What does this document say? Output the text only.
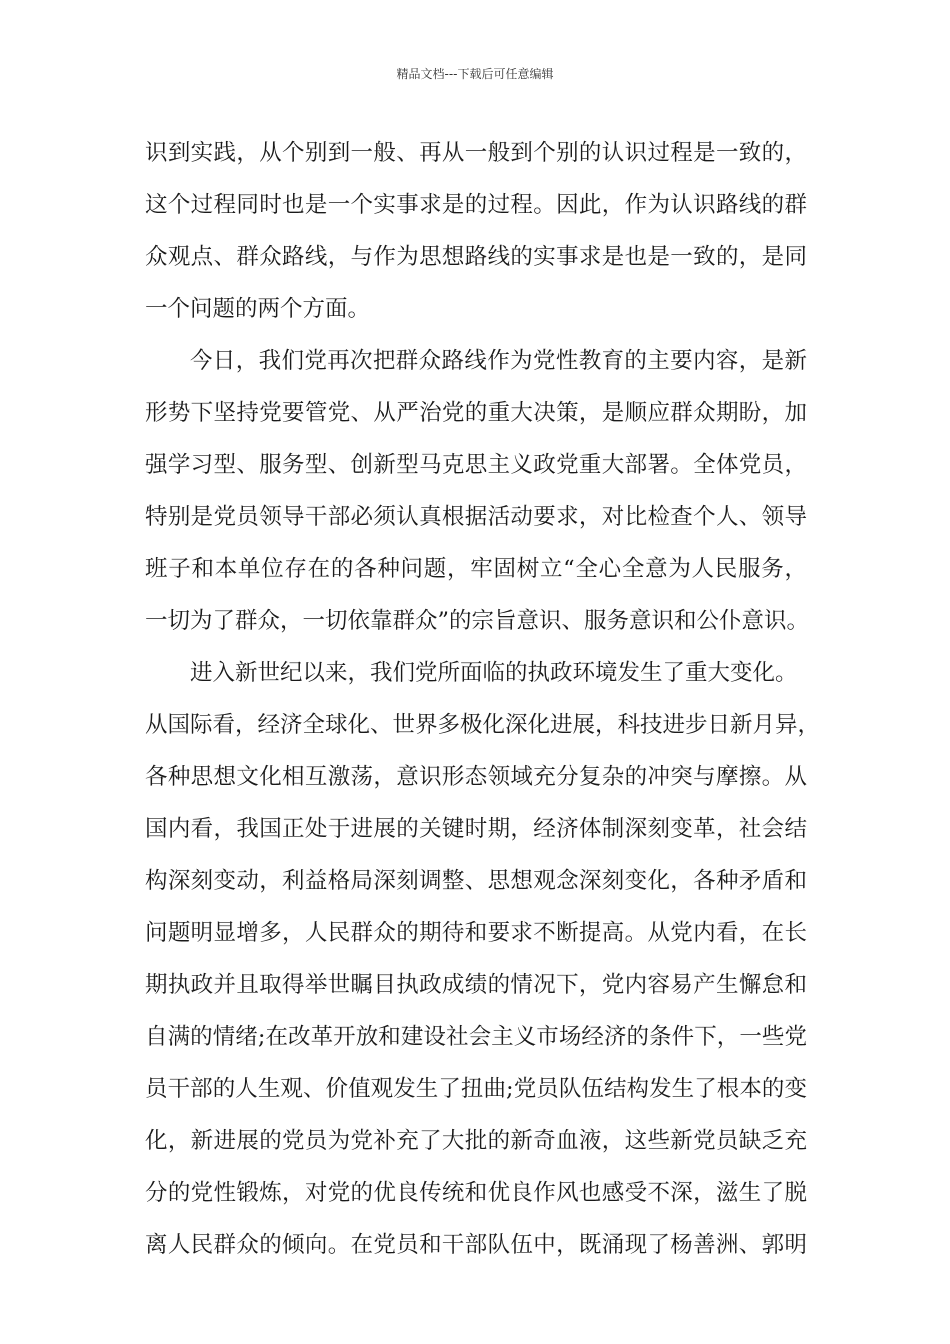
精品文档---下载后可任意编辑
识到实践，从个别到一般、再从一般到个别的认识过程是一致的，
这个过程同时也是一个实事求是的过程。因此，作为认识路线的群
众观点、群众路线，与作为思想路线的实事求是也是一致的，是同
一个问题的两个方面。
今日，我们党再次把群众路线作为党性教育的主要内容，是新
形势下坚持党要管党、从严治党的重大决策，是顺应群众期盼，加
强学习型、服务型、创新型马克思主义政党重大部署。全体党员，
特别是党员领导干部必须认真根据活动要求，对比检查个人、领导
班子和本单位存在的各种问题，牢固树立“全心全意为人民服务，
一切为了群众，一切依靠群众”的宗旨意识、服务意识和公仆意识。
进入新世纪以来，我们党所面临的执政环境发生了重大变化。
从国际看，经济全球化、世界多极化深化进展，科技进步日新月异，
各种思想文化相互激荡，意识形态领域充分复杂的冲突与摩擦。从
国内看，我国正处于进展的关键时期，经济体制深刻变革，社会结
构深刻变动，利益格局深刻调整、思想观念深刻变化，各种矛盾和
问题明显增多，人民群众的期待和要求不断提高。从党内看，在长
期执政并且取得举世瞩目执政成绩的情况下，党内容易产生懈怠和
自满的情绪;在改革开放和建设社会主义市场经济的条件下，一些党
员干部的人生观、价值观发生了扭曲;党员队伍结构发生了根本的变
化，新进展的党员为党补充了大批的新奇血液，这些新党员缺乏充
分的党性锻炼，对党的优良传统和优良作风也感受不深，滋生了脱
离人民群众的倾向。在党员和干部队伍中，既涌现了杨善洲、郭明
